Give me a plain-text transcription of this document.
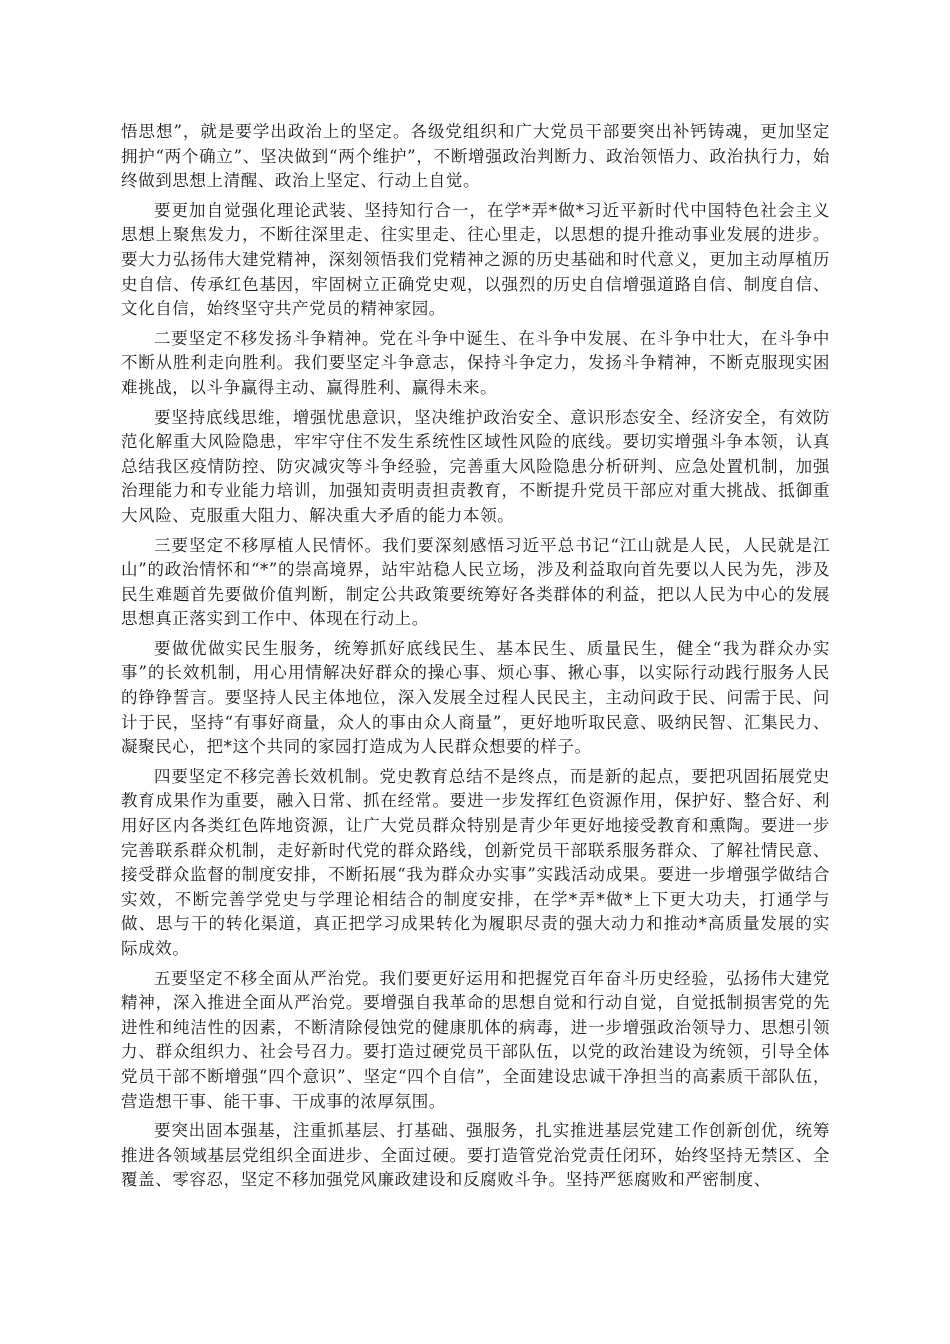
悟思想”，就是要学出政治上的坚定。各级党组织和广大党员干部要突出补钙铸魂，更加坚定拥护“两个确立”、坚决做到“两个维护”，不断增强政治判断力、政治领悟力、政治执行力，始终做到思想上清醒、政治上坚定、行动上自觉。

要更加自觉强化理论武装、坚持知行合一，在学*弄*做*习近平新时代中国特色社会主义思想上聚焦发力，不断往深里走、往实里走、往心里走，以思想的提升推动事业发展的进步。要大力弘扬伟大建党精神，深刻领悟我们党精神之源的历史基础和时代意义，更加主动厚植历史自信、传承红色基因，牢固树立正确党史观，以强烈的历史自信增强道路自信、制度自信、文化自信，始终坚守共产党员的精神家园。

二要坚定不移发扬斗争精神。党在斗争中诞生、在斗争中发展、在斗争中壮大，在斗争中不断从胜利走向胜利。我们要坚定斗争意志，保持斗争定力，发扬斗争精神，不断克服现实困难挑战，以斗争赢得主动、赢得胜利、赢得未来。

要坚持底线思维，增强忧患意识，坚决维护政治安全、意识形态安全、经济安全，有效防范化解重大风险隐患，牢牢守住不发生系统性区域性风险的底线。要切实增强斗争本领，认真总结我区疫情防控、防灾减灾等斗争经验，完善重大风险隐患分析研判、应急处置机制，加强治理能力和专业能力培训，加强知责明责担责教育，不断提升党员干部应对重大挑战、抵御重大风险、克服重大阻力、解决重大矛盾的能力本领。

三要坚定不移厚植人民情怀。我们要深刻感悟习近平总书记“江山就是人民，人民就是江山”的政治情怀和“*”的崇高境界，站牢站稳人民立场，涉及利益取向首先要以人民为先，涉及民生难题首先要做价值判断，制定公共政策要统筹好各类群体的利益，把以人民为中心的发展思想真正落实到工作中、体现在行动上。

要做优做实民生服务，统筹抓好底线民生、基本民生、质量民生，健全“我为群众办实事”的长效机制，用心用情解决好群众的操心事、烦心事、揪心事，以实际行动践行服务人民的铮铮誓言。要坚持人民主体地位，深入发展全过程人民民主，主动问政于民、问需于民、问计于民，坚持“有事好商量，众人的事由众人商量”，更好地听取民意、吸纳民智、汇集民力、凝聚民心，把*这个共同的家园打造成为人民群众想要的样子。

四要坚定不移完善长效机制。党史教育总结不是终点，而是新的起点，要把巩固拓展党史教育成果作为重要，融入日常、抓在经常。要进一步发挥红色资源作用，保护好、整合好、利用好区内各类红色阵地资源，让广大党员群众特别是青少年更好地接受教育和熏陶。要进一步完善联系群众机制，走好新时代党的群众路线，创新党员干部联系服务群众、了解社情民意、接受群众监督的制度安排，不断拓展“我为群众办实事”实践活动成果。要进一步增强学做结合实效，不断完善学党史与学理论相结合的制度安排，在学*弄*做*上下更大功夫，打通学与做、思与干的转化渠道，真正把学习成果转化为履职尽责的强大动力和推动*高质量发展的实际成效。

五要坚定不移全面从严治党。我们要更好运用和把握党百年奋斗历史经验，弘扬伟大建党精神，深入推进全面从严治党。要增强自我革命的思想自觉和行动自觉，自觉抵制损害党的先进性和纯洁性的因素，不断清除侵蚀党的健康肌体的病毒，进一步增强政治领导力、思想引领力、群众组织力、社会号召力。要打造过硬党员干部队伍，以党的政治建设为统领，引导全体党员干部不断增强“四个意识”、坚定“四个自信”，全面建设忠诚干净担当的高素质干部队伍，营造想干事、能干事、干成事的浓厚氛围。

要突出固本强基，注重抓基层、打基础、强服务，扎实推进基层党建工作创新创优，统筹推进各领域基层党组织全面进步、全面过硬。要打造管党治党责任闭环，始终坚持无禁区、全覆盖、零容忍，坚定不移加强党风廉政建设和反腐败斗争。坚持严惩腐败和严密制度、
